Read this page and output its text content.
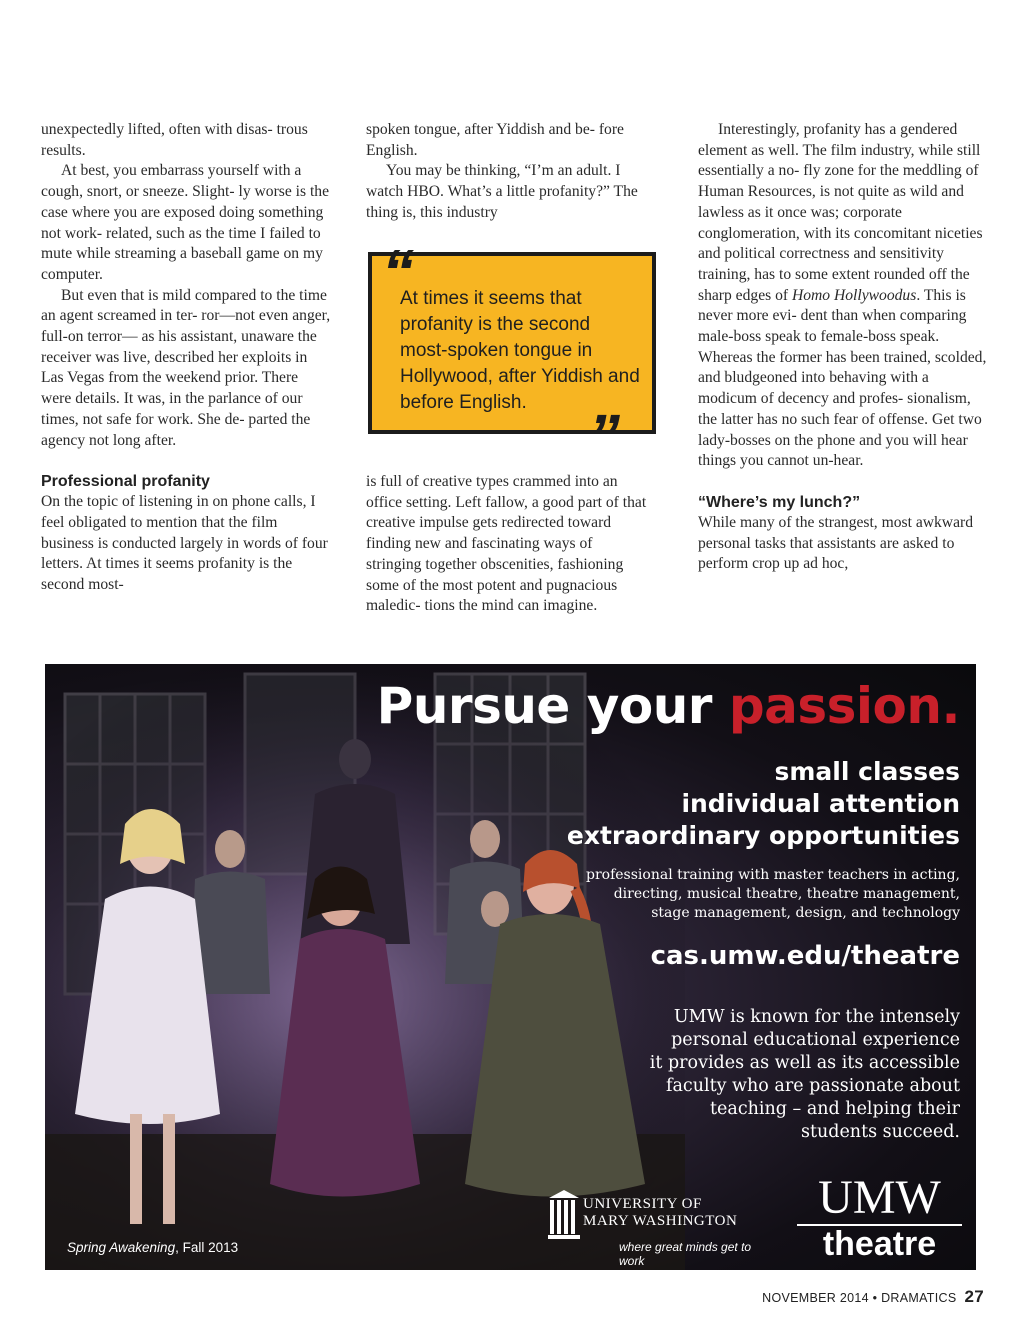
unexpectedly lifted, often with disas- trous results.

At best, you embarrass yourself with a cough, snort, or sneeze. Slight- ly worse is the case where you are exposed doing something not work- related, such as the time I failed to mute while streaming a baseball game on my computer.

But even that is mild compared to the time an agent screamed in ter- ror—not even anger, full-on terror— as his assistant, unaware the receiver was live, described her exploits in Las Vegas from the weekend prior. There were details. It was, in the parlance of our times, not safe for work. She de- parted the agency not long after.

Professional profanity

On the topic of listening in on phone calls, I feel obligated to mention that the film business is conducted largely in words of four letters. At times it seems profanity is the second most-

spoken tongue, after Yiddish and be- fore English.

You may be thinking, “I’m an adult. I watch HBO. What’s a little profanity?” The thing is, this industry

At times it seems that profanity is the second most-spoken tongue in Hollywood, after Yiddish and before English.
“
”

is full of creative types crammed into an office setting. Left fallow, a good part of that creative impulse gets redirected toward finding new and fascinating ways of stringing together obscenities, fashioning some of the most potent and pugnacious maledic- tions the mind can imagine.

Interestingly, profanity has a gendered element as well. The film industry, while still essentially a no- fly zone for the meddling of Human Resources, is not quite as wild and lawless as it once was; corporate conglomeration, with its concomitant niceties and political correctness and sensitivity training, has to some extent rounded off the sharp edges of Homo Hollywoodus. This is never more evi- dent than when comparing male-boss speak to female-boss speak. Whereas the former has been trained, scolded, and bludgeoned into behaving with a modicum of decency and profes- sionalism, the latter has no such fear of offense. Get two lady-bosses on the phone and you will hear things you cannot un-hear.

“Where’s my lunch?”

While many of the strangest, most awkward personal tasks that assistants are asked to perform crop up ad hoc,

Pursue your passion.
small classes
individual attention
extraordinary opportunities
professional training with master teachers in acting,
directing, musical theatre, theatre management,
stage management, design, and technology
cas.umw.edu/theatre
UMW is known for the intensely
personal educational experience
it provides as well as its accessible
faculty who are passionate about
teaching – and helping their
students succeed.
Spring Awakening, Fall 2013
UNIVERSITY OF
MARY WASHINGTON
where great minds get to work
UMW
theatre
NOVEMBER 2014 • DRAMATICS 27
